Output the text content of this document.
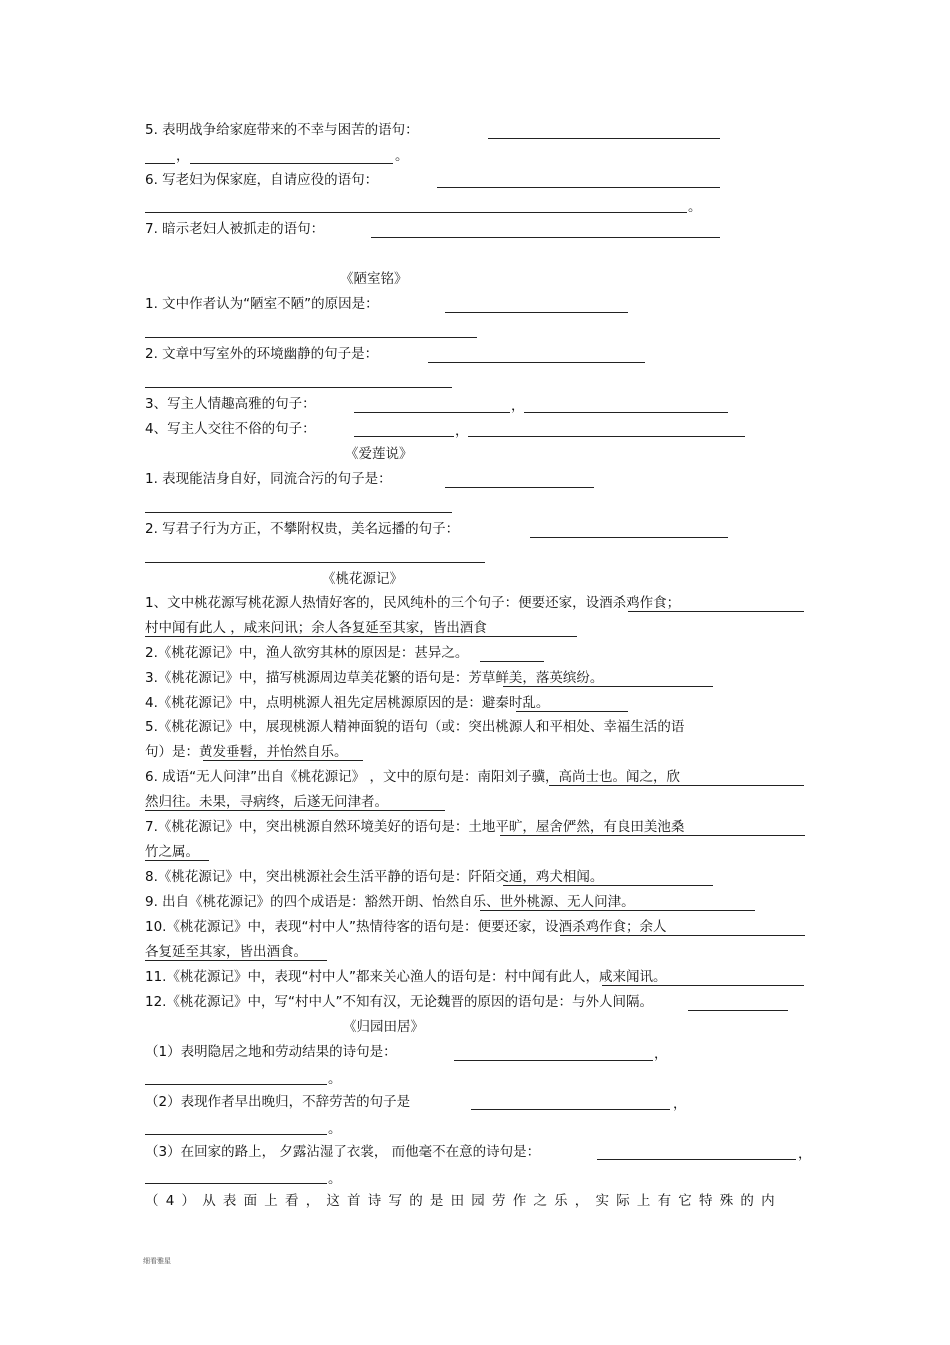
5. 表明战争给家庭带来的不幸与困苦的语句：
，	。
6. 写老妇为保家庭，自请应役的语句：
。
7. 暗示老妇人被抓走的语句：
《陋室铭》
1. 文中作者认为“陋室不陋”的原因是：
2. 文章中写室外的环境幽静的句子是：
3、写主人情趣高雅的句子：	，
4、写主人交往不俗的句子：	，
《爱莲说》
1. 表现能洁身自好，同流合污的句子是：
2. 写君子行为方正，不攀附权贵，美名远播的句子：
《桃花源记》
1、文中桃花源写桃花源人热情好客的，民风纯朴的三个句子：便要还家，设酒杀鸡作食；
村中闻有此人 ，咸来问讯；余人各复延至其家，皆出酒食
2.《桃花源记》中，渔人欲穷其林的原因是：甚异之。
3.《桃花源记》中，描写桃源周边草美花繁的语句是：芳草鲜美，落英缤纷。
4.《桃花源记》中，点明桃源人祖先定居桃源原因的是：避秦时乱。
5.《桃花源记》中，展现桃源人精神面貌的语句（或：突出桃源人和平相处、幸福生活的语
句）是：黄发垂髫，并怡然自乐。
6. 成语“无人问津”出自《桃花源记》 ，文中的原句是：南阳刘子骥，高尚士也。闻之，欣
然归往。未果，寻病终，后遂无问津者。
7.《桃花源记》中，突出桃源自然环境美好的语句是：土地平旷，屋舍俨然，有良田美池桑
竹之属。
8.《桃花源记》中，突出桃源社会生活平静的语句是：阡陌交通，鸡犬相闻。
9. 出自《桃花源记》的四个成语是：豁然开朗、怡然自乐、世外桃源、无人问津。
10.《桃花源记》中，表现“村中人”热情待客的语句是：便要还家，设酒杀鸡作食；余人
各复延至其家，皆出酒食。
11.《桃花源记》中，表现“村中人”都来关心渔人的语句是：村中闻有此人，咸来闻讯。
12.《桃花源记》中，写“村中人”不知有汉，无论魏晋的原因的语句是：与外人间隔。
《归园田居》
（1）表明隐居之地和劳动结果的诗句是：	，
。
（2）表现作者早出晚归，不辞劳苦的句子是	，
。
（3）在回家的路上， 夕露沾湿了衣裳， 而他毫不在意的诗句是：	，
。
（4）从表面上看，这首诗写的是田园劳作之乐，实际上有它特殊的内
细看雅星
